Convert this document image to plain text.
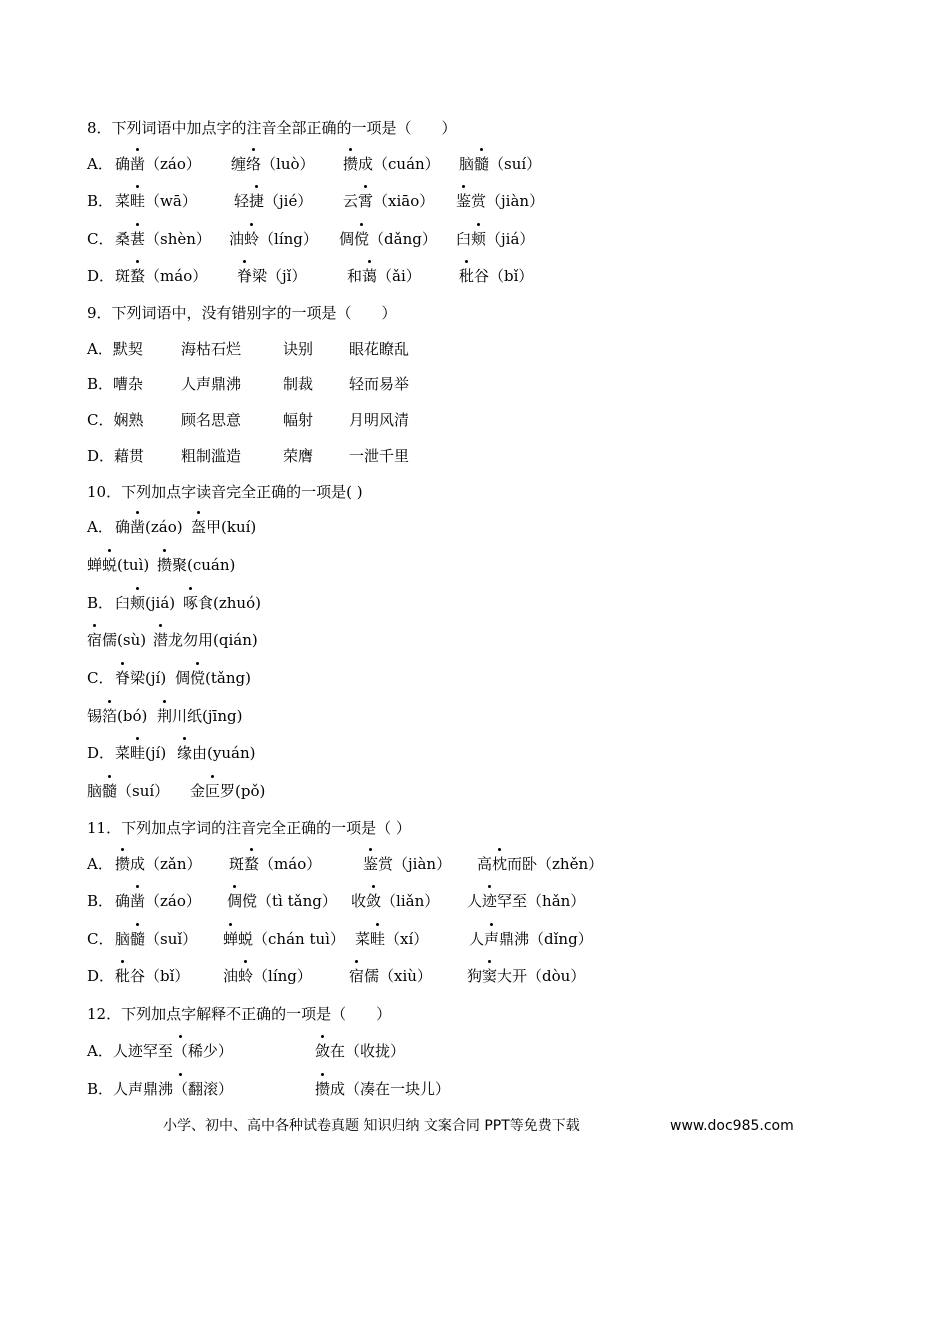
8．下列词语中加点字的注音全部正确的一项是（　　）
A． 确凿（záo） 缠络（luò） 攒成（cuán） 脑髓（suí）
B． 菜畦（wā） 轻捷（jié） 云霄（xiāo） 鉴赏（jiàn）
C． 桑葚（shèn） 油蛉（líng） 倜傥（dǎng） 臼颊（jiá）
D． 斑蝥（máo） 脊梁（jǐ）	和蔼（ǎi）	秕谷（bǐ）
9．下列词语中，没有错别字的一项是（　　）
A．默契	海枯石烂	诀别 眼花瞭乱
B．嘈杂	人声鼎沸	制裁 轻而易举
C．娴熟	顾名思意	幅射 月明风清
D．藉贯 粗制滥造	荣膺 一泄千里
10．下列加点字读音完全正确的一项是( )
A． 确凿(záo) 盔甲(kuí)
蝉蜕(tuì) 攒聚(cuán)
B． 臼颊(jiá) 啄食(zhuó)
宿儒(sù) 潜龙勿用(qián)
C． 脊梁(jí) 倜傥(tǎng)
锡箔(bó) 荆川纸(jīng)
D． 菜畦(jí) 缘由(yuán)
脑髓（suí） 金叵罗(pǒ)
11．下列加点字词的注音完全正确的一项是（ ）
A． 攒成（zǎn） 斑蝥（máo）	鉴赏（jiàn） 高枕而卧（zhěn）
B． 确凿（záo） 倜傥（tì tǎng） 收敛（liǎn） 人迹罕至（hǎn）
C． 脑髓（suǐ） 蝉蜕（chán tuì） 菜畦（xí）	人声鼎沸（dǐng）
D． 秕谷（bǐ） 油蛉（líng） 宿儒（xiù） 狗窦大开（dòu）
12．下列加点字解释不正确的一项是（　　）
A．人迹罕至（稀少）	敛在（收拢）
B．人声鼎沸（翻滚）	攒成（凑在一块儿）
小学、初中、高中各种试卷真题 知识归纳 文案合同 PPT等免费下载	www.doc985.com
